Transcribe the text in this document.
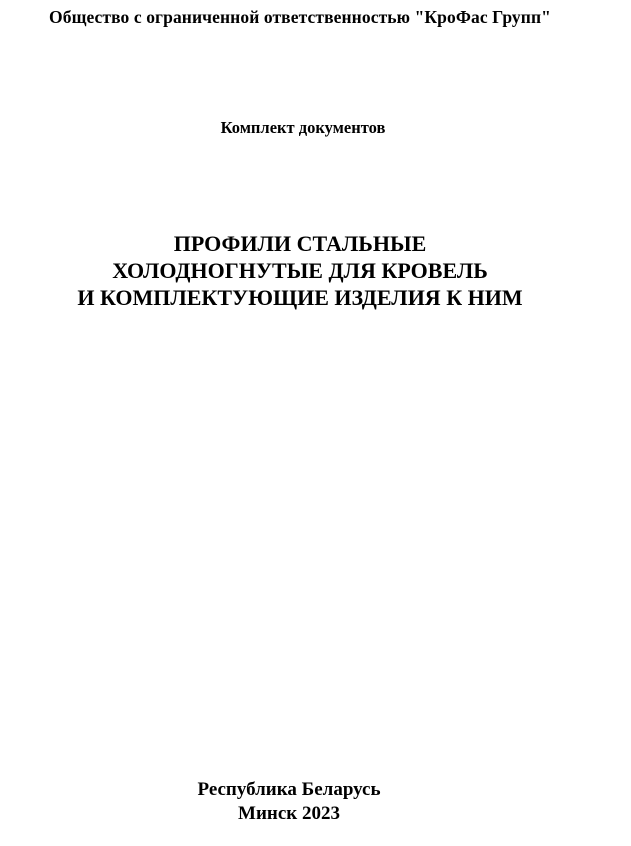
Общество с ограниченной ответственностью "КроФас Групп"
Комплект документов
ПРОФИЛИ СТАЛЬНЫЕ
ХОЛОДНОГНУТЫЕ ДЛЯ КРОВЕЛЬ
И КОМПЛЕКТУЮЩИЕ ИЗДЕЛИЯ К НИМ
Республика Беларусь
Минск 2023
